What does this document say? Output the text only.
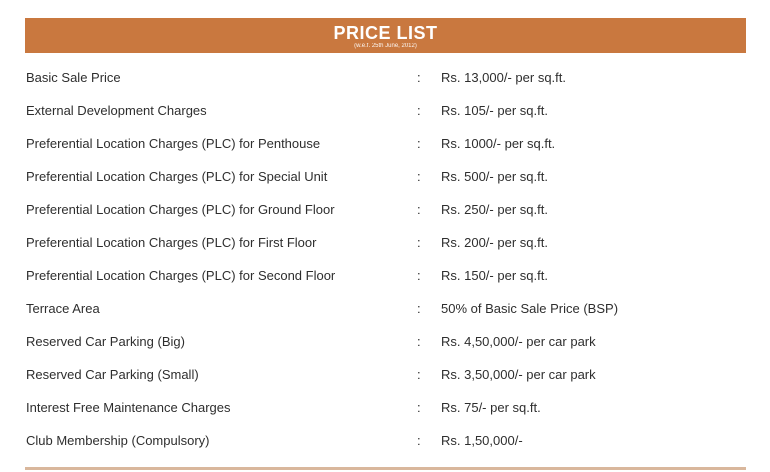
PRICE LIST
(w.e.f. 25th June, 2012)
Basic Sale Price	: Rs. 13,000/- per sq.ft.
External Development Charges	: Rs. 105/- per sq.ft.
Preferential Location Charges (PLC) for Penthouse	: Rs. 1000/- per sq.ft.
Preferential Location Charges (PLC) for Special Unit	: Rs. 500/- per sq.ft.
Preferential Location Charges (PLC) for Ground Floor	: Rs. 250/- per sq.ft.
Preferential Location Charges (PLC) for First Floor	: Rs. 200/- per sq.ft.
Preferential Location Charges (PLC) for Second Floor	: Rs. 150/- per sq.ft.
Terrace Area	: 50% of Basic Sale Price (BSP)
Reserved Car Parking (Big)	: Rs. 4,50,000/- per car park
Reserved Car Parking (Small)	: Rs. 3,50,000/- per car park
Interest Free Maintenance Charges	: Rs. 75/- per sq.ft.
Club Membership (Compulsory)	: Rs. 1,50,000/-
